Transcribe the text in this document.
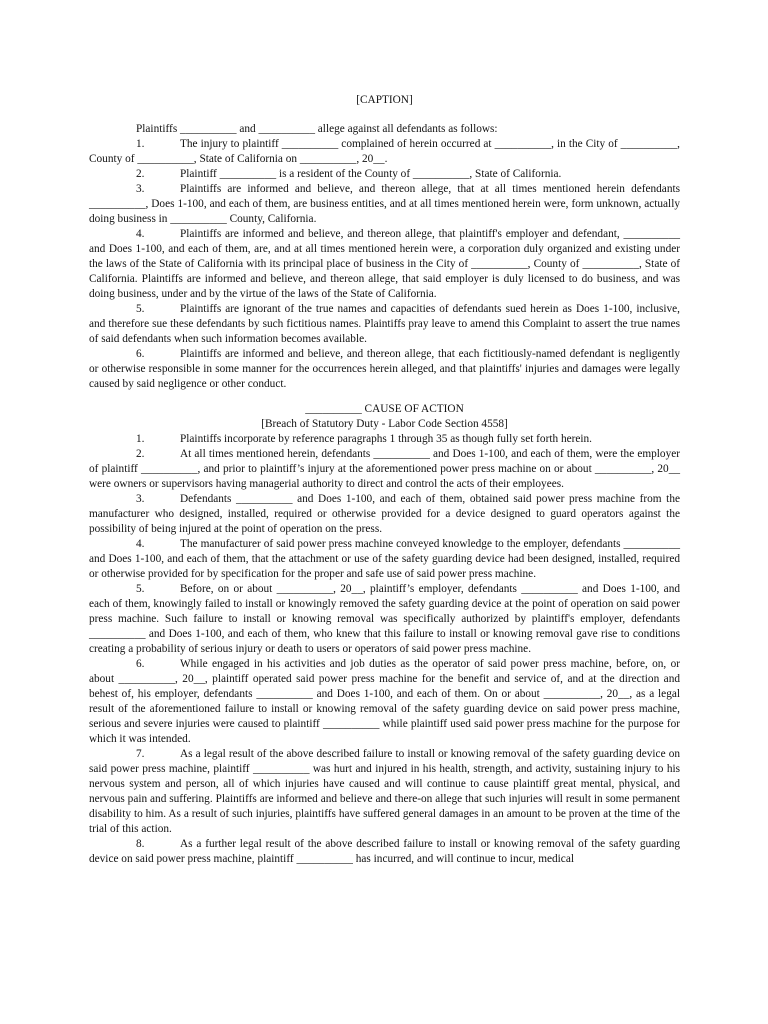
[CAPTION]

Plaintiffs __________ and __________ allege against all defendants as follows:

1.	The injury to plaintiff __________ complained of herein occurred at __________, in the City of __________, County of __________, State of California on __________, 20__.

2.	Plaintiff __________ is a resident of the County of __________, State of California.

3.	Plaintiffs are informed and believe, and thereon allege, that at all times mentioned herein defendants __________, Does 1-100, and each of them, are business entities, and at all times mentioned herein were, form unknown, actually doing business in __________ County, California.

4.	Plaintiffs are informed and believe, and thereon allege, that plaintiff's employer and defendant, __________ and Does 1-100, and each of them, are, and at all times mentioned herein were, a corporation duly organized and existing under the laws of the State of California with its principal place of business in the City of __________, County of __________, State of California. Plaintiffs are informed and believe, and thereon allege, that said employer is duly licensed to do business, and was doing business, under and by the virtue of the laws of the State of California.

5.	Plaintiffs are ignorant of the true names and capacities of defendants sued herein as Does 1-100, inclusive, and therefore sue these defendants by such fictitious names. Plaintiffs pray leave to amend this Complaint to assert the true names of said defendants when such information becomes available.

6.	Plaintiffs are informed and believe, and thereon allege, that each fictitiously-named defendant is negligently or otherwise responsible in some manner for the occurrences herein alleged, and that plaintiffs' injuries and damages were legally caused by said negligence or other conduct.

__________ CAUSE OF ACTION
[Breach of Statutory Duty - Labor Code Section 4558]

1.	Plaintiffs incorporate by reference paragraphs 1 through 35 as though fully set forth herein.

2.	At all times mentioned herein, defendants __________ and Does 1-100, and each of them, were the employer of plaintiff __________, and prior to plaintiff’s injury at the aforementioned power press machine on or about __________, 20__ were owners or supervisors having managerial authority to direct and control the acts of their employees.

3.	Defendants __________ and Does 1-100, and each of them, obtained said power press machine from the manufacturer who designed, installed, required or otherwise provided for a device designed to guard operators against the possibility of being injured at the point of operation on the press.

4.	The manufacturer of said power press machine conveyed knowledge to the employer, defendants __________ and Does 1-100, and each of them, that the attachment or use of the safety guarding device had been designed, installed, required or otherwise provided for by specification for the proper and safe use of said power press machine.

5.	Before, on or about __________, 20__, plaintiff’s employer, defendants __________ and Does 1-100, and each of them, knowingly failed to install or knowingly removed the safety guarding device at the point of operation on said power press machine. Such failure to install or knowing removal was specifically authorized by plaintiff's employer, defendants __________ and Does 1-100, and each of them, who knew that this failure to install or knowing removal gave rise to conditions creating a probability of serious injury or death to users or operators of said power press machine.

6.	While engaged in his activities and job duties as the operator of said power press machine, before, on, or about __________, 20__, plaintiff operated said power press machine for the benefit and service of, and at the direction and behest of, his employer, defendants __________ and Does 1-100, and each of them. On or about __________, 20__, as a legal result of the aforementioned failure to install or knowing removal of the safety guarding device on said power press machine, serious and severe injuries were caused to plaintiff __________ while plaintiff used said power press machine for the purpose for which it was intended.

7.	As a legal result of the above described failure to install or knowing removal of the safety guarding device on said power press machine, plaintiff __________ was hurt and injured in his health, strength, and activity, sustaining injury to his nervous system and person, all of which injuries have caused and will continue to cause plaintiff great mental, physical, and nervous pain and suffering. Plaintiffs are informed and believe and there-on allege that such injuries will result in some permanent disability to him. As a result of such injuries, plaintiffs have suffered general damages in an amount to be proven at the time of the trial of this action.

8.	As a further legal result of the above described failure to install or knowing removal of the safety guarding device on said power press machine, plaintiff __________ has incurred, and will continue to incur, medical
